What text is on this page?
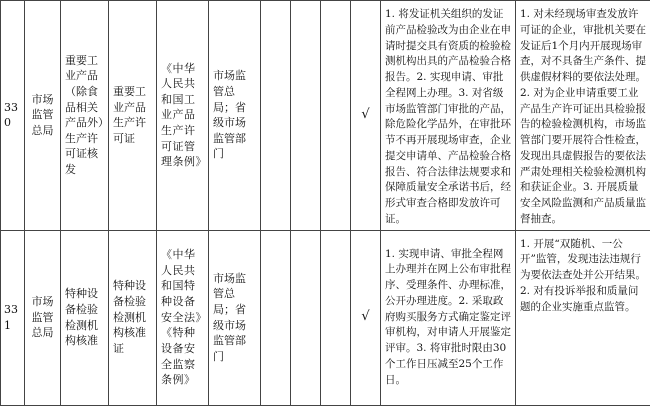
330	市场监管总局	重要工业产品（除食品相关产品外）生产许可证核发	重要工业产品生产许可证	《中华人民共和国工业产品生产许可证管理条例》	市场监管总局；省级市场监管部门				√	1. 将发证机关组织的发证前产品检验改为由企业在申请时提交具有资质的检验检测机构出具的产品检验合格报告。2. 实现申请、审批全程网上办理。3. 对省级市场监管部门审批的产品，除危险化学品外，在审批环节不再开展现场审查，企业提交申请单、产品检验合格报告、符合法律法规要求和保障质量安全承诺书后，经形式审查合格即发放许可证。	1. 对未经现场审查发放许可证的企业，审批机关要在发证后1个月内开展现场审查，对不具备生产条件、提供虚假材料的要依法处理。2. 对为企业申请重要工业产品生产许可证出具检验报告的检验检测机构，市场监管部门要开展符合性检查，发现出具虚假报告的要依法严肃处理相关检验检测机构和获证企业。3. 开展质量安全风险监测和产品质量监督抽查。
331	市场监管总局	特种设备检验检测机构核准	特种设备检验检测机构核准证	《中华人民共和国特种设备安全法》《特种设备安全监察条例》	市场监管总局；省级市场监管部门				√	1. 实现申请、审批全程网上办理并在网上公布审批程序、受理条件、办理标准，公开办理进度。2. 采取政府购买服务方式确定鉴定评审机构，对申请人开展鉴定评审。3. 将审批时限由30个工作日压减至25个工作日。	1. 开展“双随机、一公开”监管，发现违法违规行为要依法查处并公开结果。2. 对有投诉举报和质量问题的企业实施重点监管。
